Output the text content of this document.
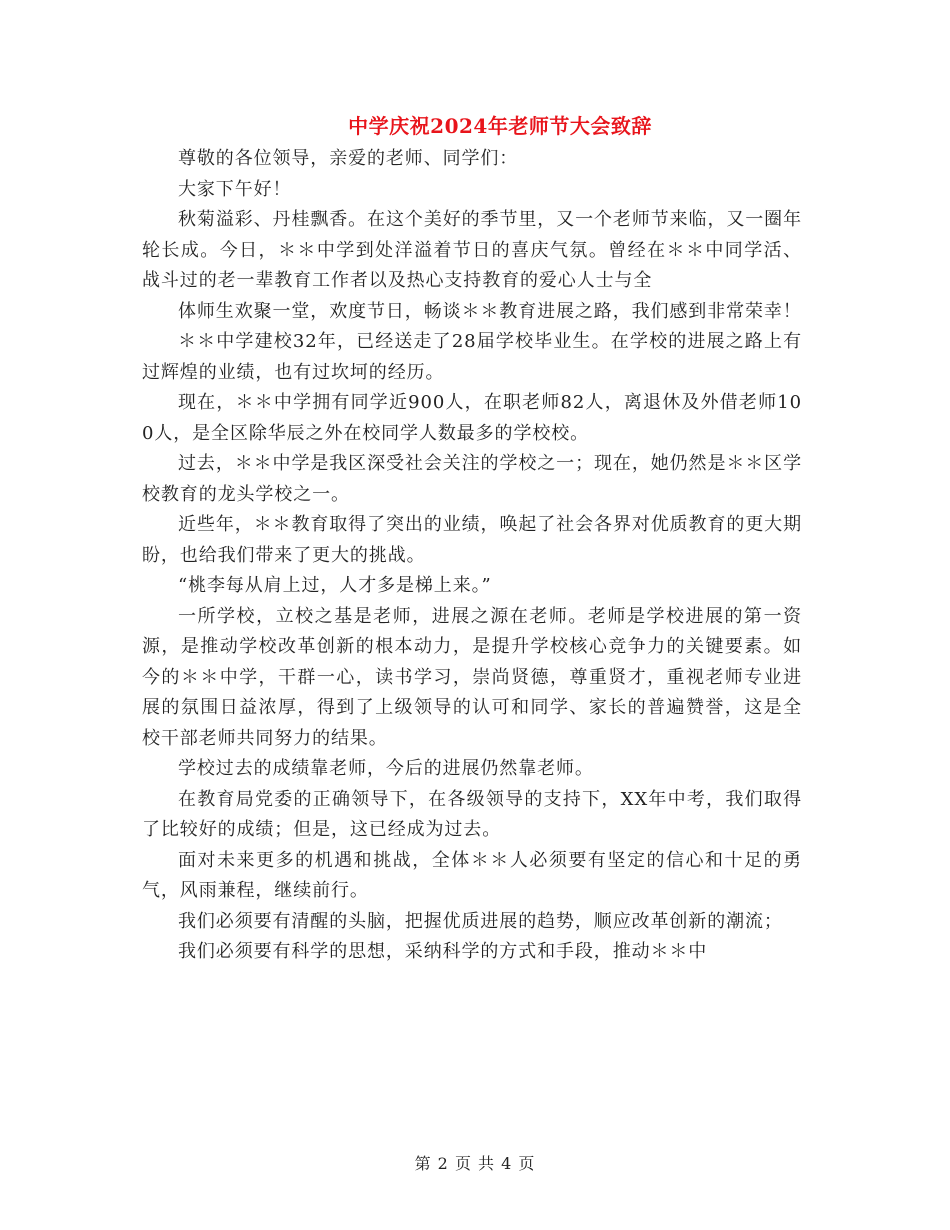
中学庆祝2024年老师节大会致辞

尊敬的各位领导，亲爱的老师、同学们：

大家下午好！

秋菊溢彩、丹桂飘香。在这个美好的季节里，又一个老师节来临，又一圈年轮长成。今日，＊＊中学到处洋溢着节日的喜庆气氛。曾经在＊＊中同学活、战斗过的老一辈教育工作者以及热心支持教育的爱心人士与全

体师生欢聚一堂，欢度节日，畅谈＊＊教育进展之路，我们感到非常荣幸！

＊＊中学建校32年，已经送走了28届学校毕业生。在学校的进展之路上有过辉煌的业绩，也有过坎坷的经历。

现在，＊＊中学拥有同学近900人，在职老师82人，离退休及外借老师100人，是全区除华辰之外在校同学人数最多的学校校。

过去，＊＊中学是我区深受社会关注的学校之一；现在，她仍然是＊＊区学校教育的龙头学校之一。

近些年，＊＊教育取得了突出的业绩，唤起了社会各界对优质教育的更大期盼，也给我们带来了更大的挑战。

“桃李每从肩上过，人才多是梯上来。”

一所学校，立校之基是老师，进展之源在老师。老师是学校进展的第一资源，是推动学校改革创新的根本动力，是提升学校核心竞争力的关键要素。如今的＊＊中学，干群一心，读书学习，崇尚贤德，尊重贤才，重视老师专业进展的氛围日益浓厚，得到了上级领导的认可和同学、家长的普遍赞誉，这是全校干部老师共同努力的结果。

学校过去的成绩靠老师，今后的进展仍然靠老师。

在教育局党委的正确领导下，在各级领导的支持下，XX年中考，我们取得了比较好的成绩；但是，这已经成为过去。

面对未来更多的机遇和挑战，全体＊＊人必须要有坚定的信心和十足的勇气，风雨兼程，继续前行。

我们必须要有清醒的头脑，把握优质进展的趋势，顺应改革创新的潮流；

我们必须要有科学的思想，采纳科学的方式和手段，推动＊＊中

第 2 页 共 4 页
